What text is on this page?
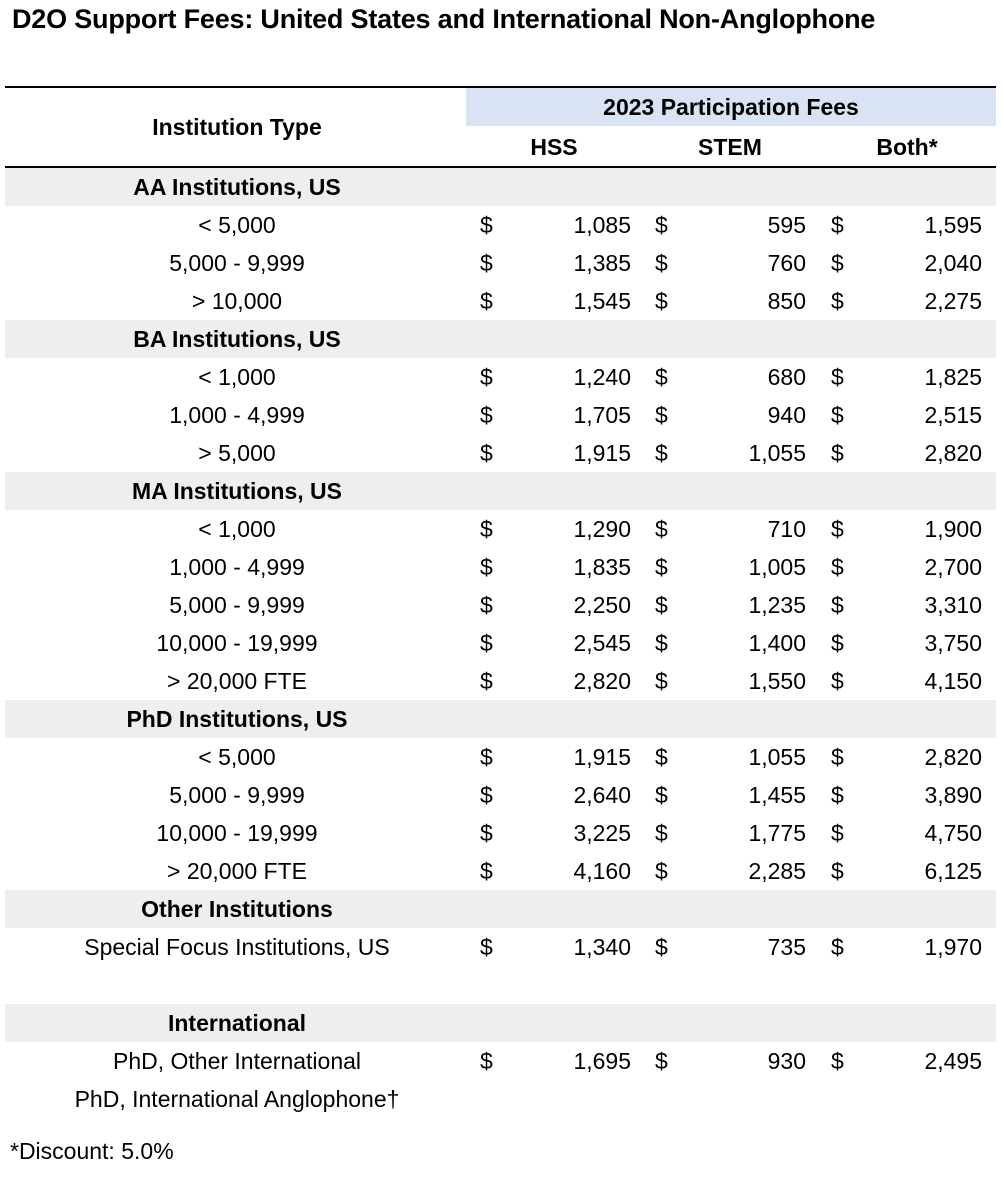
D2O Support Fees: United States and International Non-Anglophone
Institution Type
2023 Participation Fees
HSS	STEM	Both*
AA Institutions, US
< 5,000	$	1,085 $	595 $	1,595
5,000 - 9,999	$	1,385 $	760 $	2,040
> 10,000	$	1,545 $	850 $	2,275
BA Institutions, US
< 1,000	$	1,240 $	680 $	1,825
1,000 - 4,999	$	1,705 $	940 $	2,515
> 5,000	$	1,915 $	1,055 $	2,820
MA Institutions, US
< 1,000	$	1,290 $	710 $	1,900
1,000 - 4,999	$	1,835 $	1,005 $	2,700
5,000 - 9,999	$	2,250 $	1,235 $	3,310
10,000 - 19,999	$	2,545 $	1,400 $	3,750
> 20,000 FTE	$	2,820 $	1,550 $	4,150
PhD Institutions, US
< 5,000	$	1,915 $	1,055 $	2,820
5,000 - 9,999	$	2,640 $	1,455 $	3,890
10,000 - 19,999	$	3,225 $	1,775 $	4,750
> 20,000 FTE	$	4,160 $	2,285 $	6,125
Other Institutions
Special Focus Institutions, US	$	1,340 $	735 $	1,970
International
PhD, Other International	$	1,695 $	930 $	2,495
PhD, International Anglophone†
*Discount: 5.0%
